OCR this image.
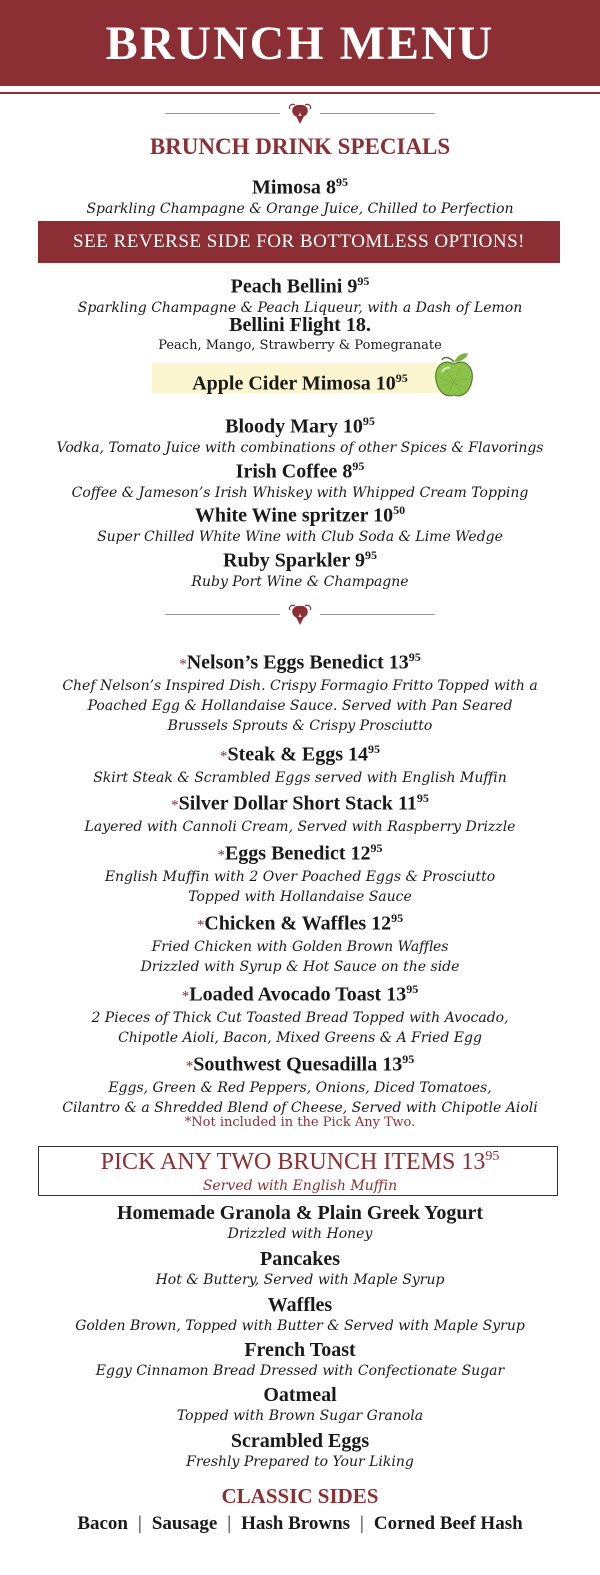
BRUNCH MENU
BRUNCH DRINK SPECIALS
Mimosa $8^{95}$
Sparkling Champagne & Orange Juice, Chilled to Perfection
SEE REVERSE SIDE FOR BOTTOMLESS OPTIONS!
Peach Bellini $9^{95}$
Sparkling Champagne & Peach Liqueur, with a Dash of Lemon
Bellini Flight 18.
Peach, Mango, Strawberry & Pomegranate
Apple Cider Mimosa $10^{95}$
Bloody Mary $10^{95}$
Vodka, Tomato Juice with combinations of other Spices & Flavorings
Irish Coffee $8^{95}$
Coffee & Jameson’s Irish Whiskey with Whipped Cream Topping
White Wine spritzer $10^{50}$
Super Chilled White Wine with Club Soda & Lime Wedge
Ruby Sparkler $9^{95}$
Ruby Port Wine & Champagne
*Nelson’s Eggs Benedict $13^{95}$
Chef Nelson’s Inspired Dish. Crispy Formagio Fritto Topped with a
Poached Egg & Hollandaise Sauce. Served with Pan Seared
Brussels Sprouts & Crispy Prosciutto
*Steak & Eggs $14^{95}$
Skirt Steak & Scrambled Eggs served with English Muffin
*Silver Dollar Short Stack $11^{95}$
Layered with Cannoli Cream, Served with Raspberry Drizzle
*Eggs Benedict $12^{95}$
English Muffin with 2 Over Poached Eggs & Prosciutto
Topped with Hollandaise Sauce
*Chicken & Waffles $12^{95}$
Fried Chicken with Golden Brown Waffles
Drizzled with Syrup & Hot Sauce on the side
*Loaded Avocado Toast $13^{95}$
2 Pieces of Thick Cut Toasted Bread Topped with Avocado,
Chipotle Aioli, Bacon, Mixed Greens & A Fried Egg
*Southwest Quesadilla $13^{95}$
Eggs, Green & Red Peppers, Onions, Diced Tomatoes,
Cilantro & a Shredded Blend of Cheese, Served with Chipotle Aioli
*Not included in the Pick Any Two.
PICK ANY TWO BRUNCH ITEMS $13^{95}$
Served with English Muffin
Homemade Granola & Plain Greek Yogurt
Drizzled with Honey
Pancakes
Hot & Buttery, Served with Maple Syrup
Waffles
Golden Brown, Topped with Butter & Served with Maple Syrup
French Toast
Eggy Cinnamon Bread Dressed with Confectionate Sugar
Oatmeal
Topped with Brown Sugar Granola
Scrambled Eggs
Freshly Prepared to Your Liking
CLASSIC SIDES
Bacon | Sausage | Hash Browns | Corned Beef Hash
